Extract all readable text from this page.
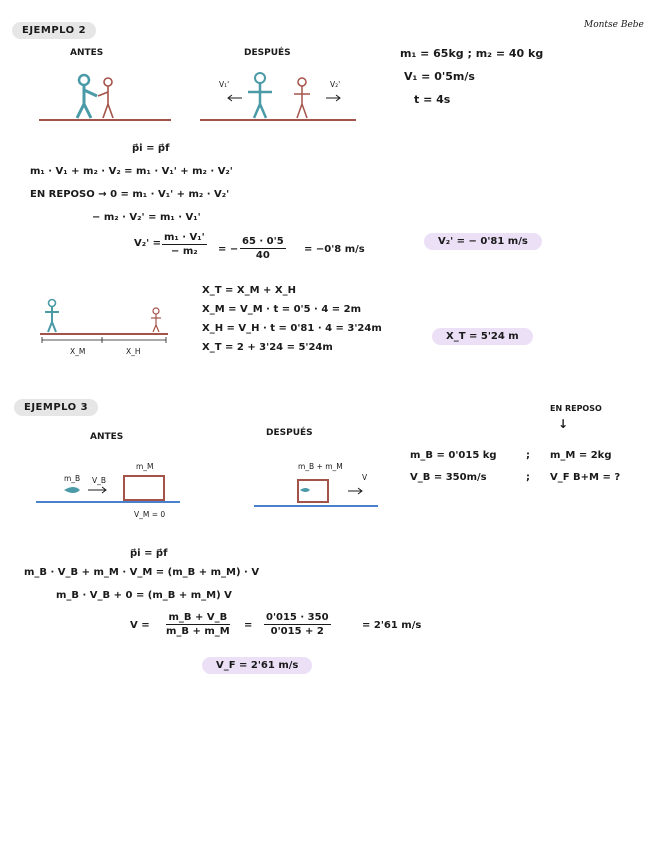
Montse Bebe
EJEMPLO 2
ANTES	DESPUÉS
V₁'	V₂'
m₁ = 65kg ; m₂ = 40 kg
V₁ = 0'5m/s
t = 4s
p⃗i = p⃗f
m₁ · V₁ + m₂ · V₂ = m₁ · V₁' + m₂ · V₂'
EN REPOSO → 0 = m₁ · V₁' + m₂ · V₂'
− m₂ · V₂' = m₁ · V₁'
$V_2' = \frac{\text{m₁ · V₁'}}{\text{− m₂}}$ = − $\frac{65 \cdot 0'5}{40} = -0'8$ m/s
V₂' = − 0'81 m/s
X_M	X_H
X_T = X_M + X_H
X_M = V_M · t = 0'5 · 4 = 2m
X_H = V_H · t = 0'81 · 4 = 3'24m
X_T = 2 + 3'24 = 5'24m
X_T = 5'24 m
EJEMPLO 3
ANTES	DESPUÉS
EN REPOSO
↓
m_B V_B
m_M
V_M = 0
m_B + m_M
V
m_B = 0'015 kg	; m_M = 2kg
V_B = 350m/s	; V_F B+M = ?
p⃗i = p⃗f
m_B · V_B + m_M · V_M = (m_B + m_M) · V
m_B · V_B + 0 = (m_B + m_M) V
$V = \frac{m\_B + V\_B}{m\_B + m\_M} = \frac{0'015 \cdot 350}{0'015 + 2}$	= 2'61 m/s
V_F = 2'61 m/s
